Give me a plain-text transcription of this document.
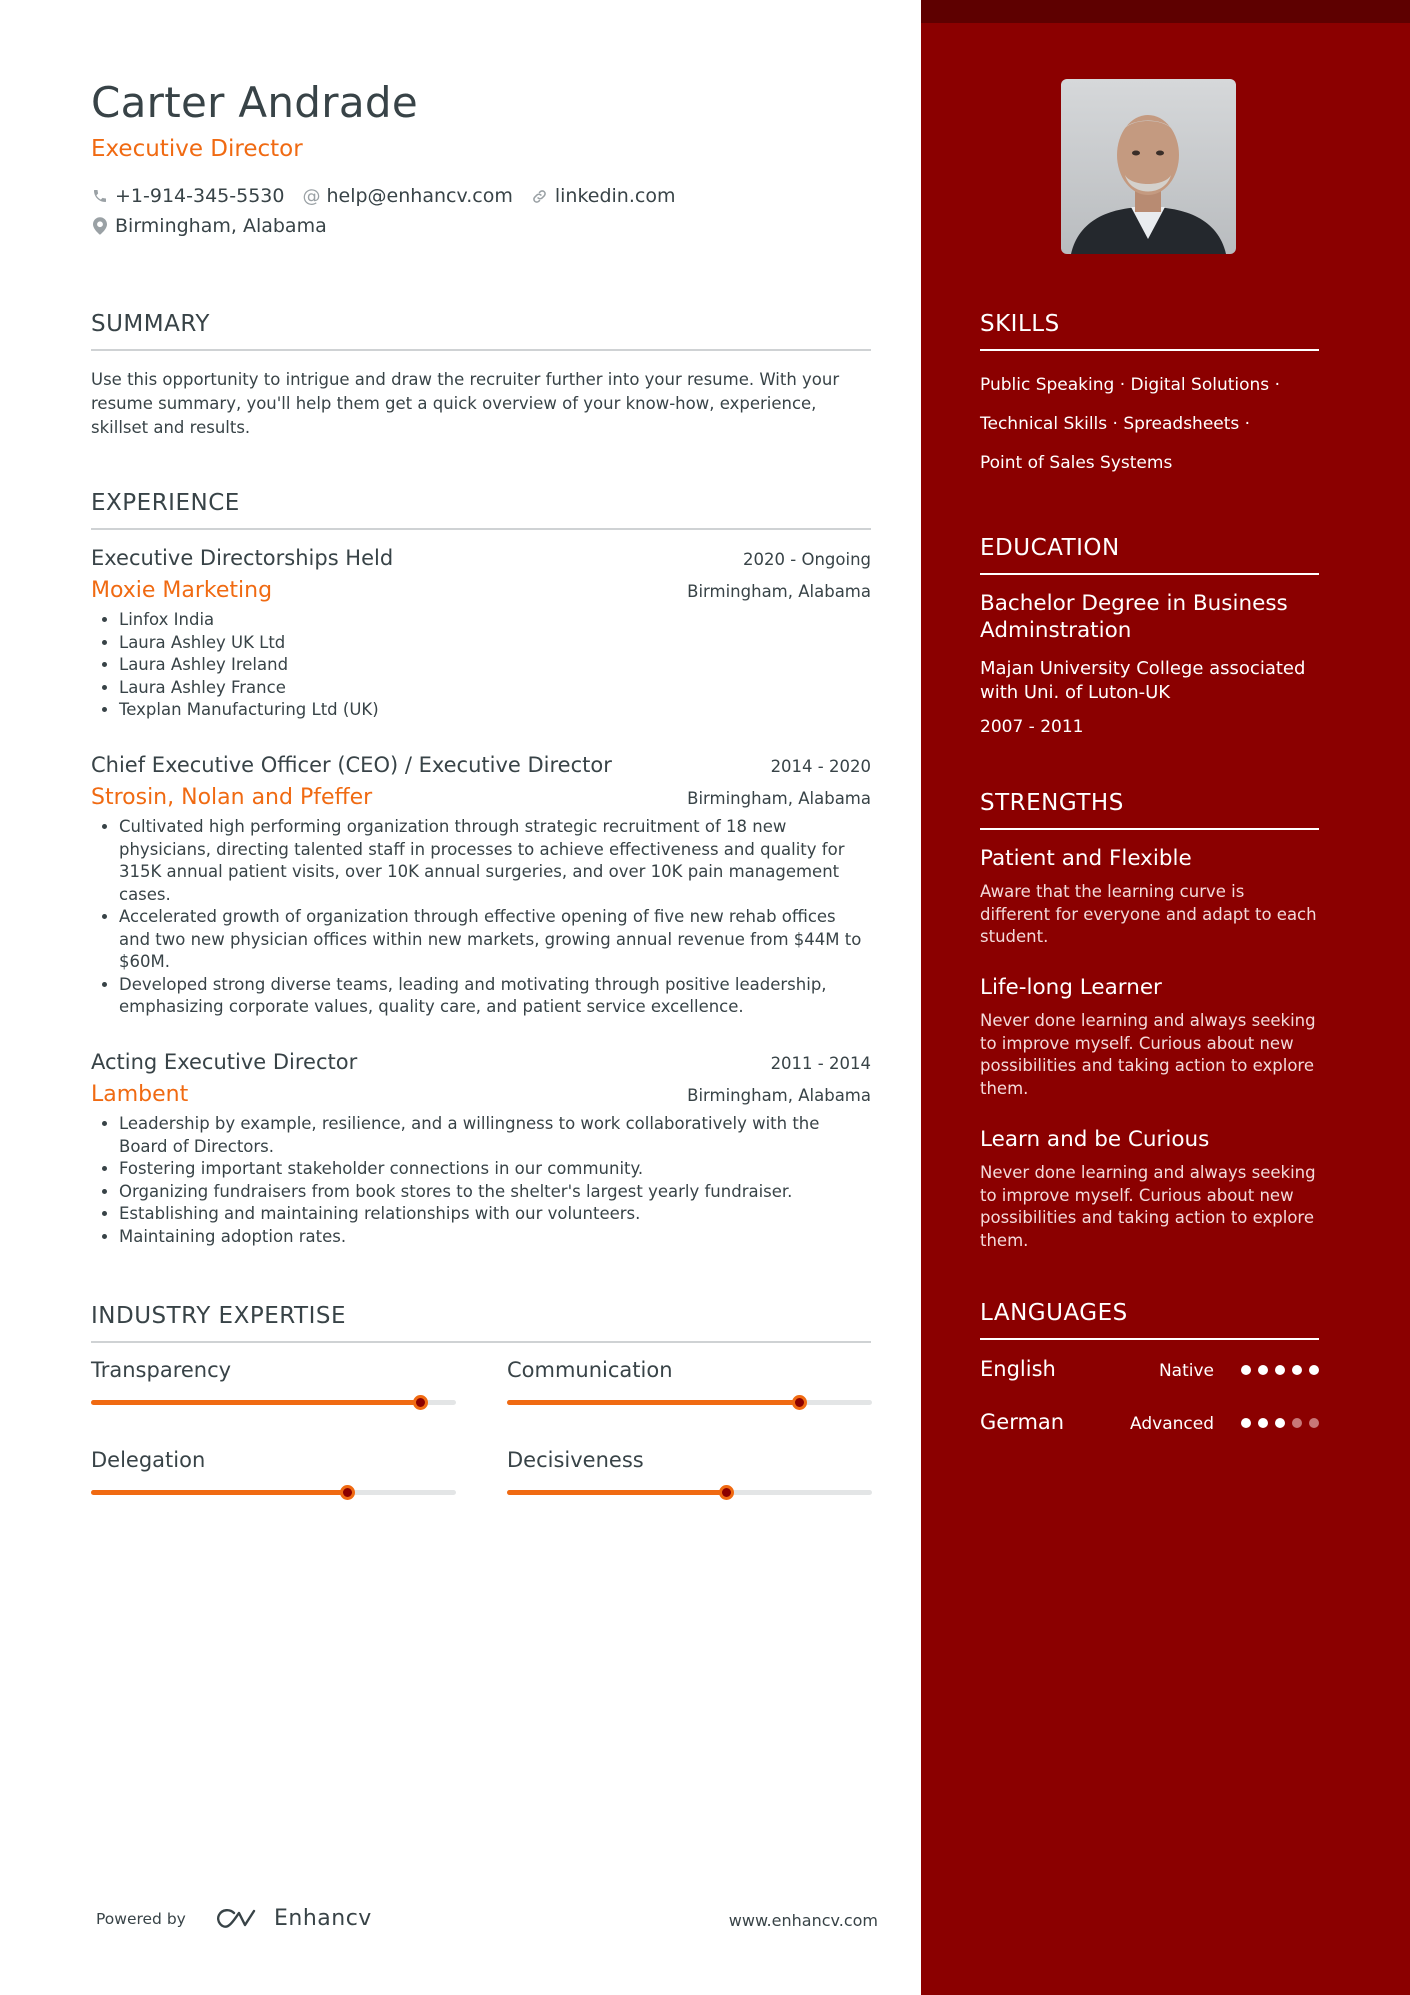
Carter Andrade
Executive Director
+1-914-345-5530 @ help@enhancv.com linkedin.com
Birmingham, Alabama
SUMMARY
Use this opportunity to intrigue and draw the recruiter further into your resume. With your resume summary, you'll help them get a quick overview of your know-how, experience, skillset and results.
EXPERIENCE
Executive Directorships Held	2020 - Ongoing
Moxie Marketing	Birmingham, Alabama
• Linfox India
• Laura Ashley UK Ltd
• Laura Ashley Ireland
• Laura Ashley France
• Texplan Manufacturing Ltd (UK)
Chief Executive Officer (CEO) / Executive Director	2014 - 2020
Strosin, Nolan and Pfeffer	Birmingham, Alabama
• Cultivated high performing organization through strategic recruitment of 18 new physicians, directing talented staff in processes to achieve effectiveness and quality for 315K annual patient visits, over 10K annual surgeries, and over 10K pain management cases.
• Accelerated growth of organization through effective opening of five new rehab offices and two new physician offices within new markets, growing annual revenue from $44M to $60M.
• Developed strong diverse teams, leading and motivating through positive leadership, emphasizing corporate values, quality care, and patient service excellence.
Acting Executive Director	2011 - 2014
Lambent	Birmingham, Alabama
• Leadership by example, resilience, and a willingness to work collaboratively with the Board of Directors.
• Fostering important stakeholder connections in our community.
• Organizing fundraisers from book stores to the shelter's largest yearly fundraiser.
• Establishing and maintaining relationships with our volunteers.
• Maintaining adoption rates.
INDUSTRY EXPERTISE
Transparency	Communication
Delegation	Decisiveness
Powered by	Enhancv	www.enhancv.com
SKILLS
Public Speaking · Digital Solutions ·
Technical Skills · Spreadsheets ·
Point of Sales Systems
EDUCATION
Bachelor Degree in Business Adminstration
Majan University College associated with Uni. of Luton-UK
2007 - 2011
STRENGTHS
Patient and Flexible
Aware that the learning curve is different for everyone and adapt to each student.
Life-long Learner
Never done learning and always seeking to improve myself. Curious about new possibilities and taking action to explore them.
Learn and be Curious
Never done learning and always seeking to improve myself. Curious about new possibilities and taking action to explore them.
LANGUAGES
English	Native
German	Advanced
